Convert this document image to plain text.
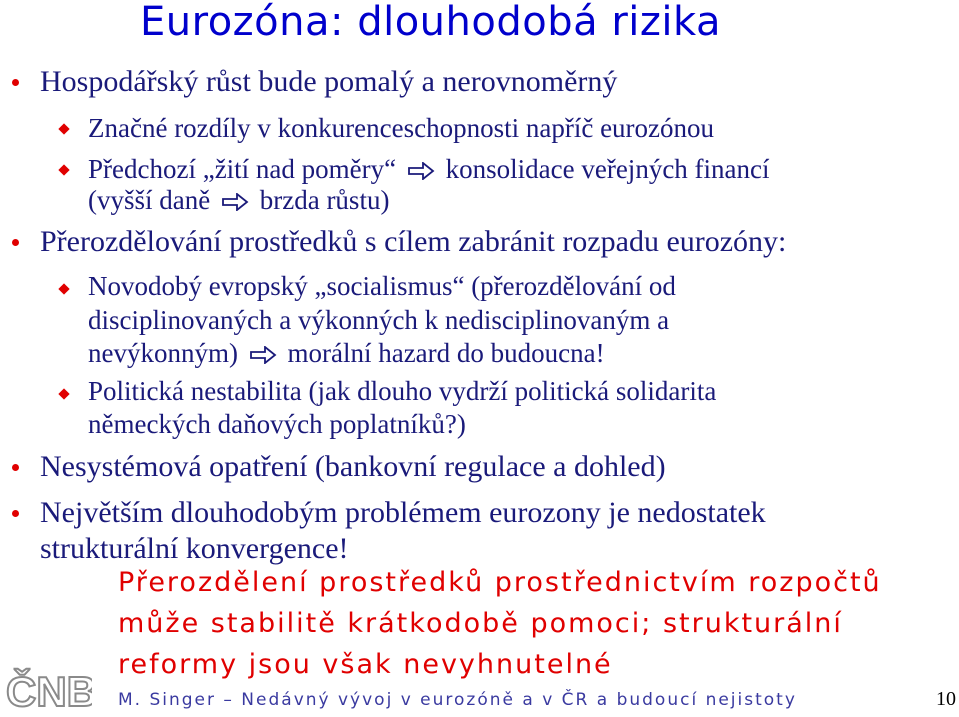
Eurozóna: dlouhodobá rizika
Hospodářský růst bude pomalý a nerovnoměrný
Značné rozdíly v konkurenceschopnosti napříč eurozónou
Předchozí „žití nad poměry“ konsolidace veřejných financí
(vyšší daně brzda růstu)
Přerozdělování prostředků s cílem zabránit rozpadu eurozóny:
Novodobý evropský „socialismus“ (přerozdělování od
disciplinovaných a výkonných k nedisciplinovaným a
nevýkonným) morální hazard do budoucna!
Politická nestabilita (jak dlouho vydrží politická solidarita
německých daňových poplatníků?)
Nesystémová opatření (bankovní regulace a dohled)
Největším dlouhodobým problémem eurozony je nedostatek
strukturální konvergence!
Přerozdělení prostředků prostřednictvím rozpočtů
může stabilitě krátkodobě pomoci; strukturální
reformy jsou však nevyhnutelné
ČNB M. Singer – Nedávný vývoj v eurozóně a v ČR a budoucí nejistoty	10
